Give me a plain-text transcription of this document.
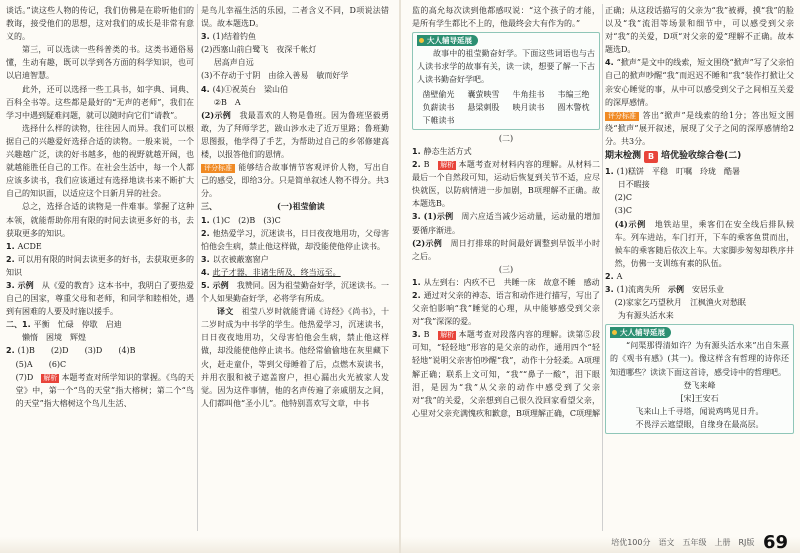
谈话。”读这些人物的传记，我们仿佛是在聆听他们的教诲，接受他们的思想，这对我们的成长是非常有意义的。

第三，可以选读一些科普类的书。这类书通俗易懂，生动有趣，既可以学到各方面的科学知识，也可以启迪智慧。

此外，还可以选择一些工具书，如字典、词典、百科全书等。这些都是最好的“无声的老师”，我们在学习中遇到疑难问题，就可以随时向它们“请教”。

选择什么样的读物，往往因人而异。我们可以根据自己的兴趣爱好选择合适的读物。一般来说，一个兴趣越广泛，读的好书越多，他的视野就越开阔，也就越能胜任自己的工作。在社会生活中，每一个人都应该多读书，我们应该通过有选择地读书来不断扩大自己的知识面，以适应这个日新月异的社会。

总之，选择合适的读物是一件难事。掌握了这种本领，就能帮助你用有限的时间去读更多好的书，去获取更多的知识。

1. ACDE

2. 可以用有限的时间去读更多的好书，去获取更多的知识

3. 示例　 从《爱的教育》这本书中，我明白了要热爱自己的国家，尊重父母和老师，和同学和睦相处，遇到有困难的人要及时施以援手。

二、1. 平衡　 忙碌　 停歇　 启迪

懒惰　 困境　 辉煌

2. (1)B　　 (2)D　　 (3)D　　 (4)B

(5)A　　 (6)C

(7)D　 解析 本题考查对所学知识的掌握。《鸟的天堂》中，第一个“鸟的天堂”指大榕树；第二个“鸟的天堂”指大榕树这个鸟儿生活、

是鸟儿幸福生活的乐园，二者含义不同，D项说法错误。故本题选D。

3. (1)结着钓鱼

(2)西塞山前白鹭飞　 夜深千帐灯

居高声自远

(3)不存动于寸阴　 由徐入善易　 敏而好学

4. (4)①祝英台　 梁山伯

②B　 A

(2)示例　 我最喜欢的人物是鲁班。因为鲁班坚毅勇敢，为了拜师学艺，跋山涉水走了近万里路；鲁班勤思图报，他学得了手艺，为帮助过自己的乡邻修建高楼，以报答他们的恩情。

评分标准 能够结合故事情节客观评价人物，写出自己的感受，即给3分。只是简单叙述人物不得分。共3分。

三、	(一)祖莹偷读

1. (1)C　 (2)B　 (3)C

2. 他热爱学习，沉迷读书，日日夜夜地用功，父母害怕他会生病，禁止他这样做，却没能使他停止读书。

3. 以衣被蔽塞窗户

4. 此子才器，非诸生所及，终当远至。

5. 示例　 我赞同。因为祖莹勤奋好学，沉迷读书。一个人如果勤奋好学，必将学有所成。

译文　 祖莹八岁时就能背诵《诗经》《尚书》，十二岁时成为中书学的学生。他热爱学习，沉迷读书，日日夜夜地用功，父母害怕他会生病，禁止他这样做，却没能使他停止读书。他经常偷偷地在灰里藏下火，赶走童仆，等到父母睡着了后，点燃木炭读书，并用衣服和被子遮盖窗户，担心漏出火光被家人发觉。因为这件事情，他的名声传遍了亲戚朋友之间，人们都叫他“圣小儿”。他特别喜欢写文章，中书

监的高允每次读到他都感叹说：“这个孩子的才能，是所有学生都比不上的，他最终会大有作为的。”

大人辅导延展

故事中的祖莹勤奋好学。下面这些词语也与古人读书求学的故事有关，读一读，想要了解一下古人读书勤奋好学吧。

凿壁偷光	囊萤映雪	牛角挂书	韦编三绝
负薪读书	悬梁刺股	映月读书	圆木警枕
下帷读书

(二)

1. 静态生活方式

2. B　解析 本题考查对材料内容的理解。从材料二最后一个自然段可知，运动后恢复到关节不适，应尽快就医，以防病情进一步加剧，B项理解不正确。故本题选B。

3. (1)示例　 周六应适当减少运动量，运动量的增加要循序渐进。

(2)示例　 周日打排球的时间最好调整到早饭半小时之后。

(三)

1. 从左到右：内疚不已　 共睡一床　 故意不睡　 感动

2. 通过对父亲的神态、语言和动作进行描写，写出了父亲怕影响“我”睡觉的心理，从中能够感受到父亲对“我”深深的爱。

3. B　解析 本题考查对段落内容的理解。读第⑤段可知，“轻轻地”形容的是父亲的动作，通用四个“轻轻地”说明父亲害怕吵醒“我”，动作十分轻柔。A项理解正确；联系上文可知，“我”“鼻子一酸”，泪下眼泪，是因为“我”从父亲的动作中感受到了父亲对“我”的关爱，父亲想到自己很久没回家看望父亲，心里对父亲充满愧疚和歉意，B项理解正确，C项理解

正确；从这段话描写的父亲为“我”被褥，摸“我”的脸以及“我”流泪等场景和细节中，可以感受到父亲对“我”的关爱，D项“对父亲的爱”理解不正确。故本题选D。

4. “掀声”是文中的线索，短文围绕“掀声”写了父亲怕自己的掀声吵醒“我”而迟迟不睡和“我”装作打掀让父亲安心睡觉的事，从中可以感受到父子之间相互关爱的深厚感情。

评分标准 答出“掀声”是线索的给1分；答出短文围绕“掀声”展开叙述，展现了父子之间的深厚感情给2分。共3分。

期末检测 B卷
培优验收综合卷(二)

1. (1)糕饼　 平稳　 叮嘱　 玲珑　 酷暑

日不暇接

(2)C

(3)C

(4)示例　 地铁站里，乘客们在安全线后排队候车。列车进站，车门打开，下车的乘客鱼贯而出，候车的乘客随后依次上车。大家脚步匆匆却秩序井然，仿佛一支训练有素的队伍。

2. A

3. (1)流离失所　 示例　 安居乐业

(2)家家乞巧望秋月　 江枫渔火对愁眠

为有源头活水来

大人辅导延展

“问渠那得清如许？为有源头活水来”出自朱熹的《观书有感》(其一)。像这样含有哲理的诗你还知道哪些？读读下面这首诗，感受诗中的哲理吧。

登飞来峰

[宋]王安石

飞来山上千寻塔，闻说鸡鸣见日升。

不畏浮云遮望眼，自缘身在最高层。

培优100分　语文　五年级　上册　RJ版 69
